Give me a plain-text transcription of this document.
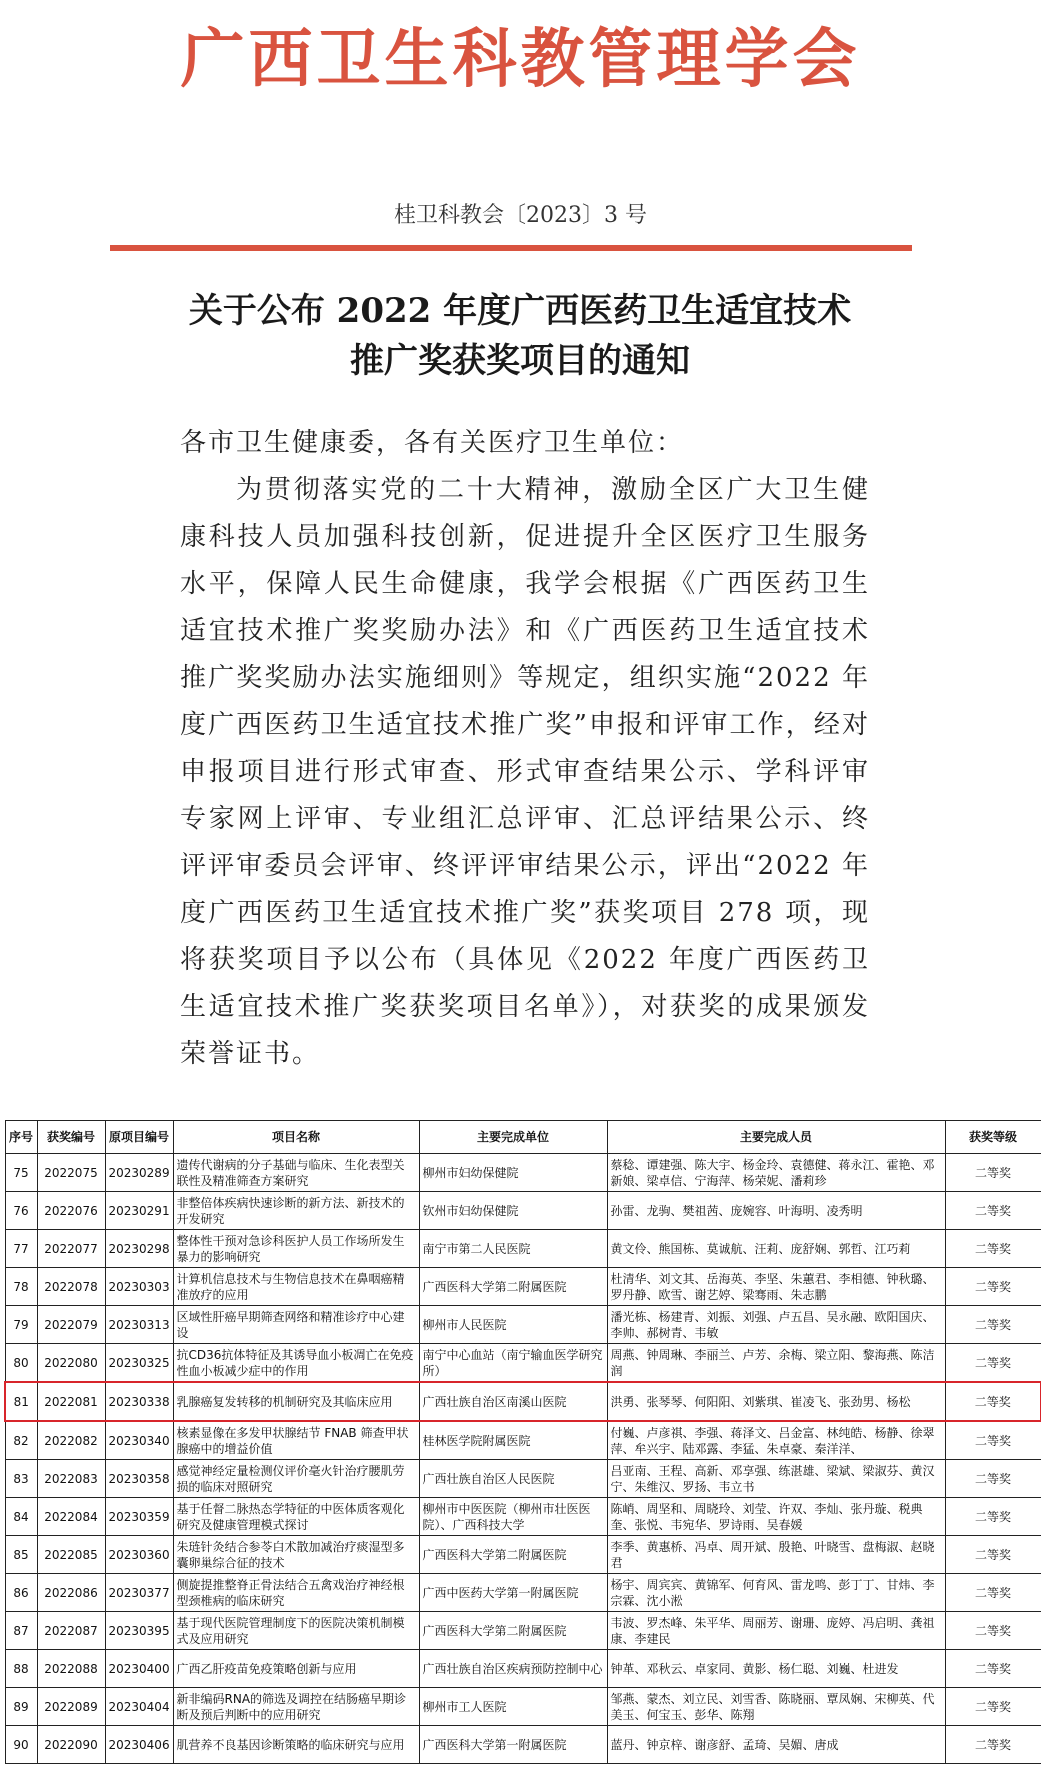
广西卫生科教管理学会
桂卫科教会〔2023〕3 号
关于公布 2022 年度广西医药卫生适宜技术
推广奖获奖项目的通知

各市卫生健康委，各有关医疗卫生单位：

为贯彻落实党的二十大精神，激励全区广大卫生健康科技人员加强科技创新，促进提升全区医疗卫生服务水平，保障人民生命健康，我学会根据《广西医药卫生适宜技术推广奖奖励办法》和《广西医药卫生适宜技术推广奖奖励办法实施细则》等规定，组织实施“2022 年度广西医药卫生适宜技术推广奖”申报和评审工作，经对申报项目进行形式审查、形式审查结果公示、学科评审专家网上评审、专业组汇总评审、汇总评结果公示、终评评审委员会评审、终评评审结果公示，评出“2022 年度广西医药卫生适宜技术推广奖”获奖项目 278 项，现将获奖项目予以公布（具体见《2022 年度广西医药卫生适宜技术推广奖获奖项目名单》），对获奖的成果颁发荣誉证书。

序号	获奖编号	原项目编号	项目名称	主要完成单位	主要完成人员	获奖等级
75	2022075	20230289	遗传代谢病的分子基础与临床、生化表型关联性及精准筛查方案研究	柳州市妇幼保健院	蔡稔、谭建强、陈大宇、杨金玲、袁德健、蒋永江、霍艳、邓新娘、梁卓信、宁海萍、杨荣妮、潘莉珍	二等奖
76	2022076	20230291	非整倍体疾病快速诊断的新方法、新技术的开发研究	钦州市妇幼保健院	孙雷、龙驹、樊祖茜、庞婉容、叶海明、凌秀明	二等奖
77	2022077	20230298	整体性干预对急诊科医护人员工作场所发生暴力的影响研究	南宁市第二人民医院	黄文伶、熊国栋、莫诚航、汪莉、庞舒娴、郭哲、江巧莉	二等奖
78	2022078	20230303	计算机信息技术与生物信息技术在鼻咽癌精准放疗的应用	广西医科大学第二附属医院	杜清华、刘文其、岳海英、李坚、朱蕙君、李相德、钟秋璐、罗丹静、欧雪、谢艺婷、梁骞雨、朱志鹏	二等奖
79	2022079	20230313	区域性肝癌早期筛查网络和精准诊疗中心建设	柳州市人民医院	潘光栋、杨建青、刘振、刘强、卢五昌、吴永融、欧阳国庆、李帅、郝树青、韦敏	二等奖
80	2022080	20230325	抗CD36抗体特征及其诱导血小板凋亡在免疫性血小板减少症中的作用	南宁中心血站（南宁输血医学研究所）	周燕、钟周琳、李丽兰、卢芳、余梅、梁立阳、黎海燕、陈洁润	二等奖
81	2022081	20230338	乳腺癌复发转移的机制研究及其临床应用	广西壮族自治区南溪山医院	洪勇、张琴琴、何阳阳、刘紫琪、崔凌飞、张劲男、杨松	二等奖
82	2022082	20230340	核素显像在多发甲状腺结节 FNAB 筛查甲状腺癌中的增益价值	桂林医学院附属医院	付巍、卢彦祺、李强、蒋泽文、吕金富、林纯皓、杨静、徐翠萍、牟兴宇、陆邓露、李猛、朱卓豪、秦洋洋、	二等奖
83	2022083	20230358	感觉神经定量检测仪评价毫火针治疗腰肌劳损的临床对照研究	广西壮族自治区人民医院	吕亚南、王程、高新、邓享强、练湛雄、梁斌、梁淑芬、黄汉宁、朱维汉、罗扬、韦立书	二等奖
84	2022084	20230359	基于任督二脉热态学特征的中医体质客观化研究及健康管理模式探讨	柳州市中医医院（柳州市壮医医院）、广西科技大学	陈峭、周坚和、周晓玲、刘莹、许双、李灿、张丹璇、税典奎、张悦、韦宛华、罗诗雨、吴春媛	二等奖
85	2022085	20230360	朱琏针灸结合参苓白术散加减治疗痰湿型多囊卵巢综合征的技术	广西医科大学第二附属医院	李季、黄惠桥、冯卓、周开斌、殷艳、叶晓雪、盘梅淑、赵晓君	二等奖
86	2022086	20230377	侧旋提推整脊正骨法结合五禽戏治疗神经根型颈椎病的临床研究	广西中医药大学第一附属医院	杨宇、周宾宾、黄锦军、何育风、雷龙鸣、彭丁丁、甘炜、李宗霖、沈小淞	二等奖
87	2022087	20230395	基于现代医院管理制度下的医院决策机制模式及应用研究	广西医科大学第二附属医院	韦波、罗杰峰、朱平华、周丽芳、谢珊、庞婷、冯启明、龚祖康、李建民	二等奖
88	2022088	20230400	广西乙肝疫苗免疫策略创新与应用	广西壮族自治区疾病预防控制中心	钟革、邓秋云、卓家同、黄影、杨仁聪、刘巍、杜进发	二等奖
89	2022089	20230404	新非编码RNA的筛选及调控在结肠癌早期诊断及预后判断中的应用研究	柳州市工人医院	邹燕、蒙杰、刘立民、刘雪香、陈晓丽、覃凤娴、宋柳英、代美玉、何宝玉、彭华、陈翔	二等奖
90	2022090	20230406	肌营养不良基因诊断策略的临床研究与应用	广西医科大学第一附属医院	蓝丹、钟京梓、谢彦舒、孟琦、吴媚、唐成	二等奖
